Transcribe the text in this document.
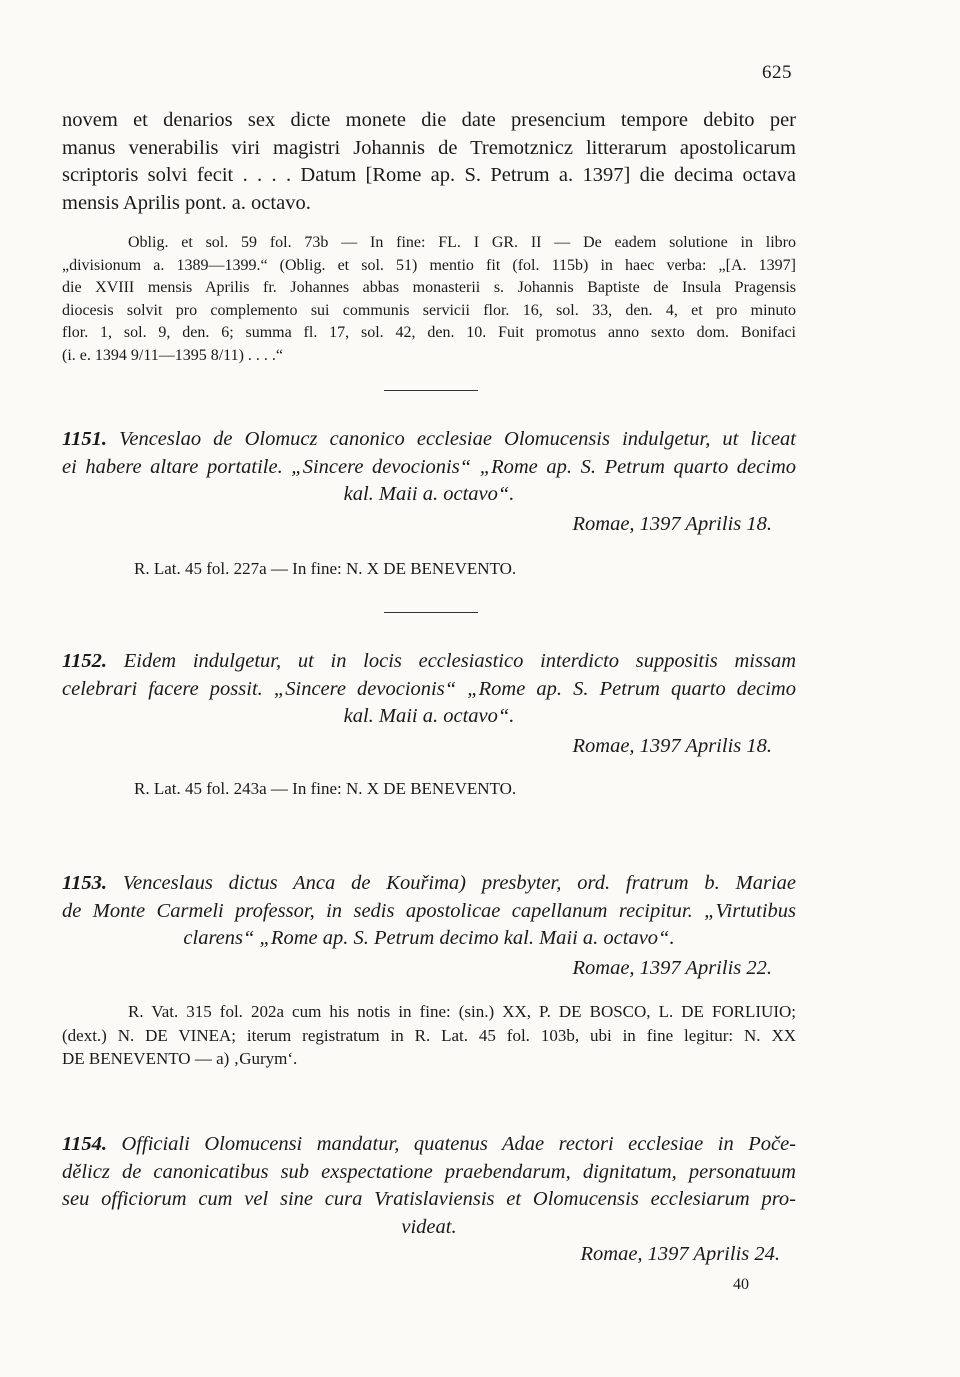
625
novem et denarios sex dicte monete die date presencium tempore debito per
manus venerabilis viri magistri Johannis de Tremotznicz litterarum apostolicarum
scriptoris solvi fecit . . . . Datum [Rome ap. S. Petrum a. 1397] die decima octava
mensis Aprilis pont. a. octavo.
Oblig. et sol. 59 fol. 73b — In fine: FL. I GR. II — De eadem solutione in libro
„divisionum a. 1389—1399.“ (Oblig. et sol. 51) mentio fit (fol. 115b) in haec verba: „[A. 1397]
die XVIII mensis Aprilis fr. Johannes abbas monasterii s. Johannis Baptiste de Insula Pragensis
diocesis solvit pro complemento sui communis servicii flor. 16, sol. 33, den. 4, et pro minuto
flor. 1, sol. 9, den. 6; summa fl. 17, sol. 42, den. 10. Fuit promotus anno sexto dom. Bonifaci
(i. e. 1394 9/11—1395 8/11) . . . .“
1151. Venceslao de Olomucz canonico ecclesiae Olomucensis indulgetur, ut liceat
ei habere altare portatile. „Sincere devocionis“ „Rome ap. S. Petrum quarto decimo
kal. Maii a. octavo“.
Romae, 1397 Aprilis 18.
R. Lat. 45 fol. 227a — In fine: N. X DE BENEVENTO.
1152. Eidem indulgetur, ut in locis ecclesiastico interdicto suppositis missam
celebrari facere possit. „Sincere devocionis“ „Rome ap. S. Petrum quarto decimo
kal. Maii a. octavo“.
Romae, 1397 Aprilis 18.
R. Lat. 45 fol. 243a — In fine: N. X DE BENEVENTO.
1153. Venceslaus dictus Anca de Kouřima) presbyter, ord. fratrum b. Mariae
de Monte Carmeli professor, in sedis apostolicae capellanum recipitur. „Virtutibus
clarens“ „Rome ap. S. Petrum decimo kal. Maii a. octavo“.
Romae, 1397 Aprilis 22.
R. Vat. 315 fol. 202a cum his notis in fine: (sin.) XX, P. DE BOSCO, L. DE FORLIUIO;
(dext.) N. DE VINEA; iterum registratum in R. Lat. 45 fol. 103b, ubi in fine legitur: N. XX
DE BENEVENTO — a) ‚Gurym‘.
1154. Officiali Olomucensi mandatur, quatenus Adae rectori ecclesiae in Poče-
dělicz de canonicatibus sub exspectatione praebendarum, dignitatum, personatuum
seu officiorum cum vel sine cura Vratislaviensis et Olomucensis ecclesiarum pro-
videat.
Romae, 1397 Aprilis 24.
40
